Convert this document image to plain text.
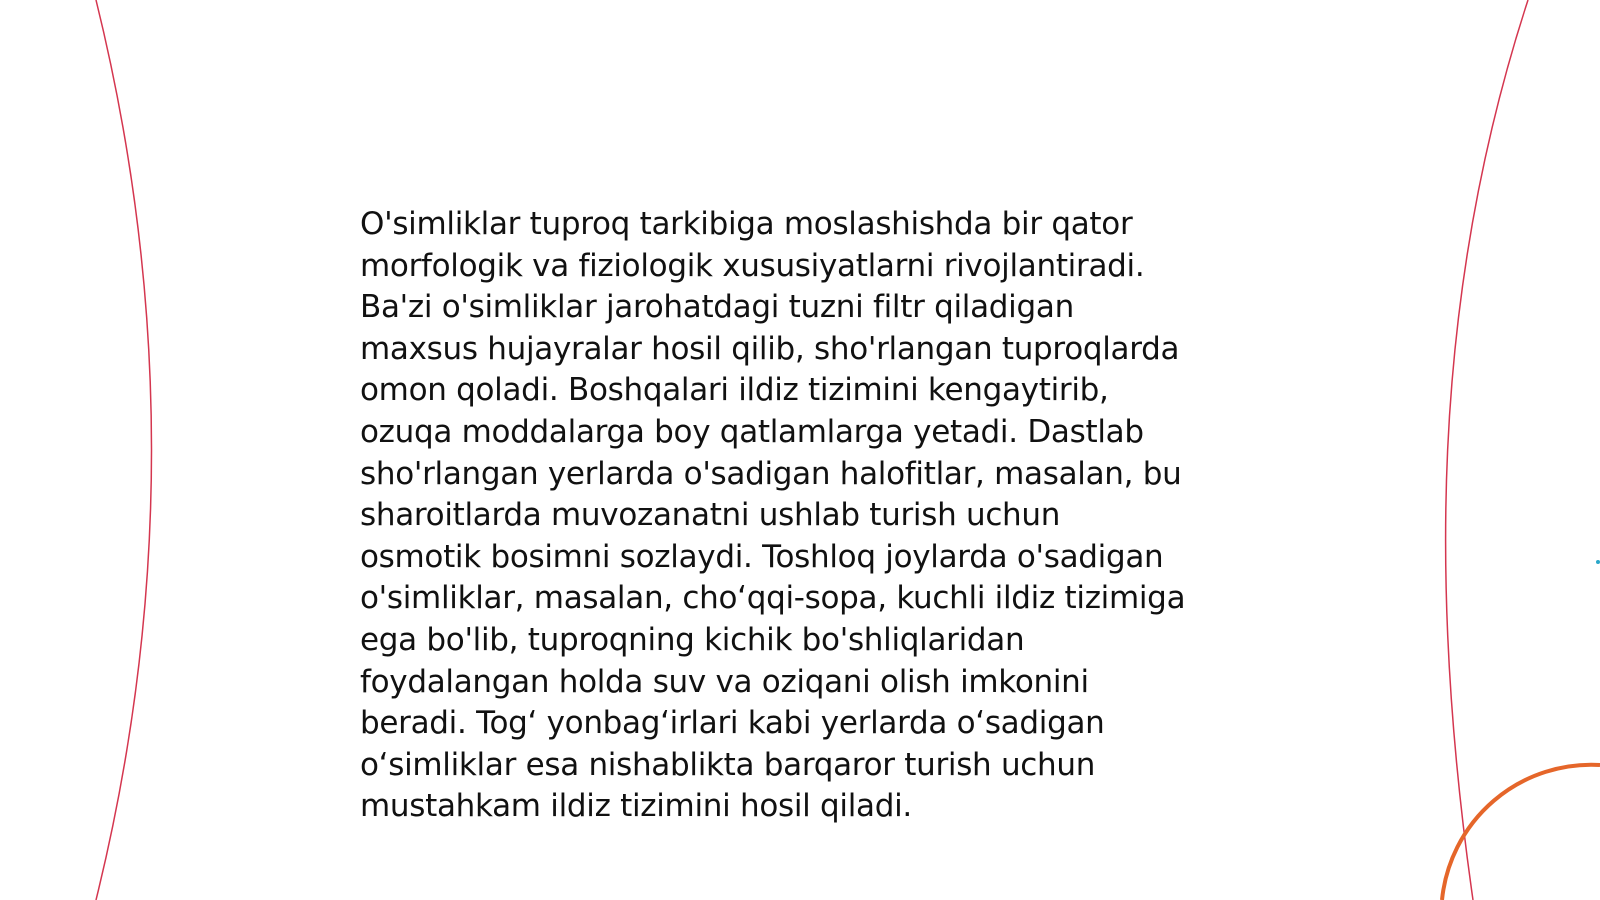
O'simliklar tuproq tarkibiga moslashishda bir qator
morfologik va fiziologik xususiyatlarni rivojlantiradi.
Ba'zi o'simliklar jarohatdagi tuzni filtr qiladigan
maxsus hujayralar hosil qilib, sho'rlangan tuproqlarda
omon qoladi. Boshqalari ildiz tizimini kengaytirib,
ozuqa moddalarga boy qatlamlarga yetadi. Dastlab
sho'rlangan yerlarda o'sadigan halofitlar, masalan, bu
sharoitlarda muvozanatni ushlab turish uchun
osmotik bosimni sozlaydi. Toshloq joylarda o'sadigan
o'simliklar, masalan, cho‘qqi-sopa, kuchli ildiz tizimiga
ega bo'lib, tuproqning kichik bo'shliqlaridan
foydalangan holda suv va oziqani olish imkonini
beradi. Tog‘ yonbag‘irlari kabi yerlarda o‘sadigan
o‘simliklar esa nishablikta barqaror turish uchun
mustahkam ildiz tizimini hosil qiladi.
